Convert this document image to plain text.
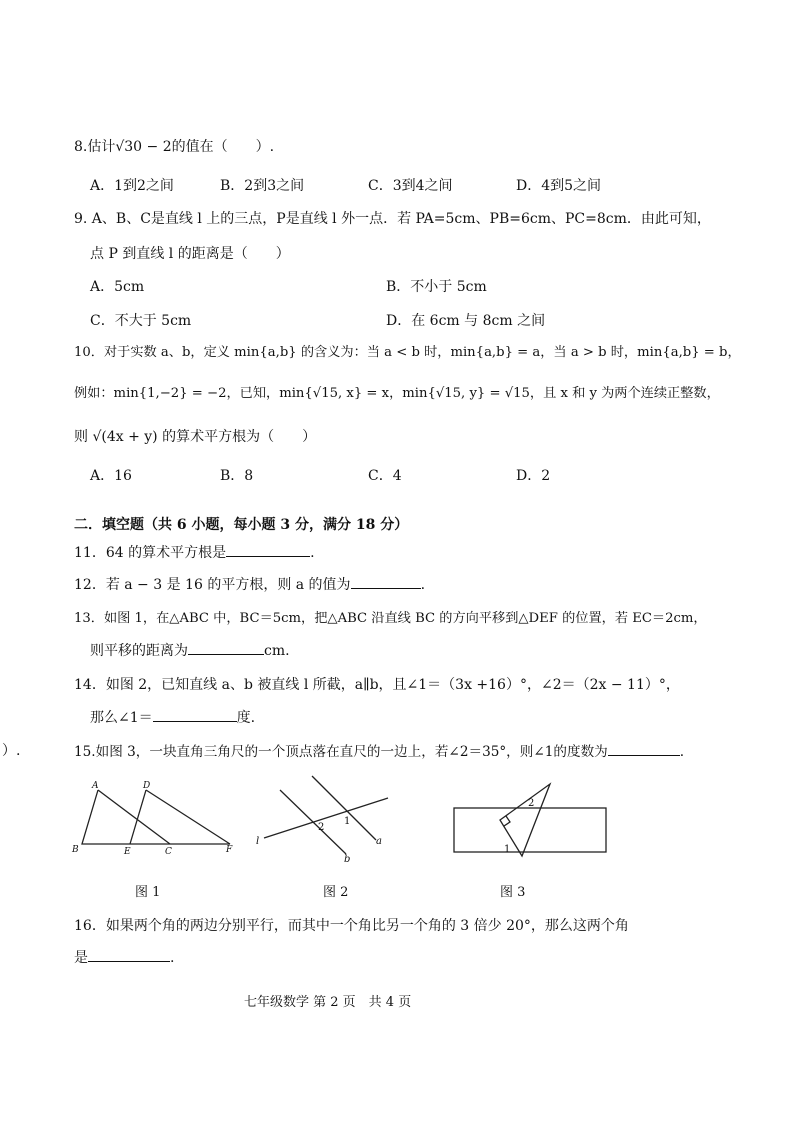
8.估计√30 − 2的值在（　　）.
A．1到2之间	B．2到3之间	C．3到4之间	D．4到5之间
9. A、B、C是直线 l 上的三点，P是直线 l 外一点．若 PA=5cm、PB=6cm、PC=8cm．由此可知，
点 P 到直线 l 的距离是（　　）
A．5cm	B．不小于 5cm
C．不大于 5cm	D．在 6cm 与 8cm 之间
10．对于实数 a、b，定义 min{a,b} 的含义为：当 a < b 时，min{a,b} = a，当 a > b 时，min{a,b} = b，
例如：min{1,−2} = −2，已知，min{√15, x} = x，min{√15, y} = √15，且 x 和 y 为两个连续正整数，
则 √(4x + y) 的算术平方根为（　　）
A．16	B．8	C．4	D．2
二．填空题（共 6 小题，每小题 3 分，满分 18 分）
11．64 的算术平方根是	.
12．若 a − 3 是 16 的平方根，则 a 的值为	.
13．如图 1，在△ABC 中，BC＝5cm，把△ABC 沿直线 BC 的方向平移到△DEF 的位置，若 EC＝2cm，
则平移的距离为	cm.
14．如图 2，已知直线 a、b 被直线 l 所截，a∥b，且∠1＝（3x +16）°，∠2＝（2x − 11）°，
那么∠1＝	度.
）.	15.如图 3，一块直角三角尺的一个顶点落在直尺的一边上，若∠2＝35°，则∠1的度数为	.
A	D
B	E	C	F
图 1
l	a
b
1
2
图 2
2
1
图 3
16．如果两个角的两边分别平行，而其中一个角比另一个角的 3 倍少 20°，那么这两个角
是	.
七年级数学 第 2 页　共 4 页
